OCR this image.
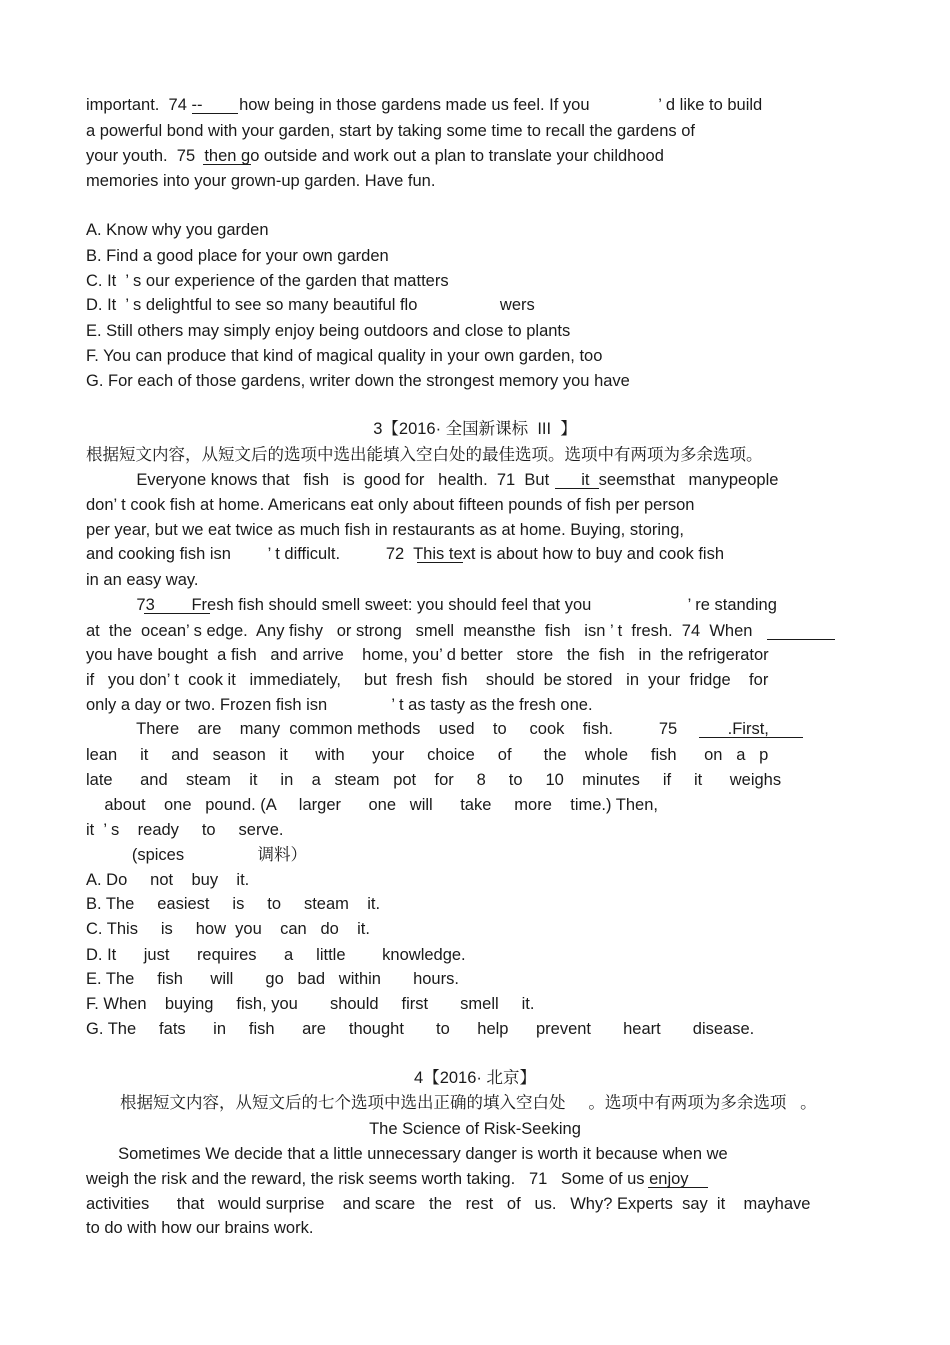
important.  74 --        how being in those gardens made us feel. If you               ’ d like to build
a powerful bond with your garden, start by taking some time to recall the gardens of
your youth.  75  then go outside and work out a plan to translate your childhood
memories into your grown-up garden. Have fun.
A. Know why you garden
B. Find a good place for your own garden
C. It  ’ s our experience of the garden that matters
D. It  ’ s delightful to see so many beautiful flo                  wers
E. Still others may simply enjoy being outdoors and close to plants
F. You can produce that kind of magical quality in your own garden, too
G. For each of those gardens, writer down the strongest memory you have
3【2016· 全国新课标  III  】
根据短文内容，从短文后的选项中选出能填入空白处的最佳选项。选项中有两项为多余选项。
Everyone knows that   fish   is  good for   health.  71  But       it  seemsthat   manypeople
don’ t cook fish at home. Americans eat only about fifteen pounds of fish per person
per year, but we eat twice as much fish in restaurants as at home. Buying, storing,
and cooking fish isn        ’ t difficult.          72  This text is about how to buy and cook fish
in an easy way.
73        Fresh fish should smell sweet: you should feel that you                     ’ re standing
at  the  ocean’ s edge.  Any fishy   or strong   smell  meansthe  fish   isn ’ t  fresh.  74  When
you have bought  a fish   and arrive    home, you’ d better   store   the  fish   in  the refrigerator
if   you don’ t  cook it   immediately,     but  fresh  fish    should  be stored   in  your  fridge    for
only a day or two. Frozen fish isn              ’ t as tasty as the fresh one.
There    are    many  common methods    used    to     cook    fish.          75           .First,
lean     it     and   season   it      with      your     choice     of       the    whole     fish      on   a   p
late      and    steam    it     in    a   steam   pot    for     8     to     10    minutes     if     it      weighs
about    one   pound. (A     larger      one   will      take     more    time.) Then,
it  ’ s    ready     to     serve.
(spices                调料）
A. Do     not    buy    it.
B. The     easiest     is     to     steam    it.
C. This     is     how  you    can   do    it.
D. It      just      requires      a     little        knowledge.
E. The     fish      will       go   bad   within       hours.
F. When    buying     fish, you       should     first       smell     it.
G. The     fats      in     fish      are     thought       to      help      prevent       heart       disease.
4【2016· 北京】
根据短文内容，从短文后的七个选项中选出正确的填入空白处     。选项中有两项为多余选项   。
The Science of Risk-Seeking
Sometimes We decide that a little unnecessary danger is worth it because when we
weigh the risk and the reward, the risk seems worth taking.   71   Some of us enjoy
activities      that   would surprise    and scare   the   rest   of   us.   Why? Experts  say  it    mayhave
to do with how our brains work.
